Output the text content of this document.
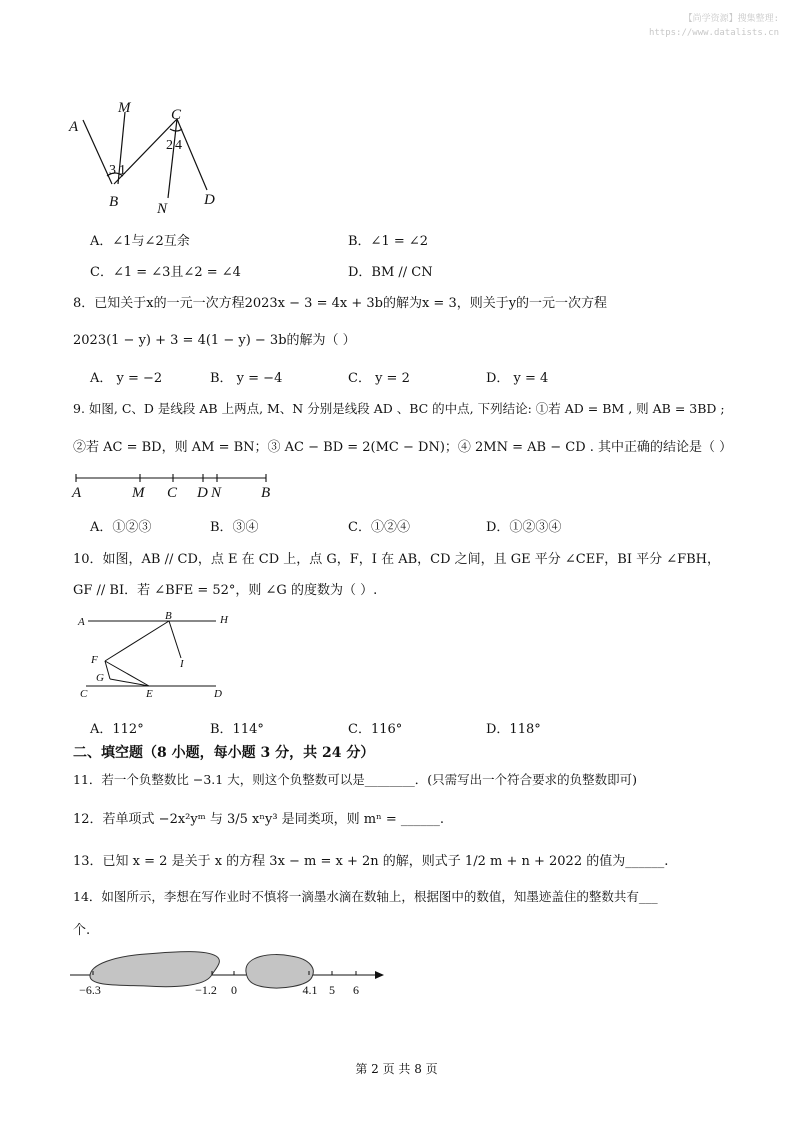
【尚学资源】搜集整理:
https://www.datalists.cn
A
M	C
B	N
D
2 4
3 1
A．∠1与∠2互余	B．∠1 = ∠2
C．∠1 = ∠3且∠2 = ∠4	D．BM // CN
8．已知关于x的一元一次方程2023x − 3 = 4x + 3b的解为x = 3，则关于y的一元一次方程
2023(1 − y) + 3 = 4(1 − y) − 3b的解为（ ）
A． y = −2	B． y = −4	C． y = 2	D． y = 4
9. 如图, C、D 是线段 AB 上两点, M、N 分别是线段 AD 、BC 的中点, 下列结论: ①若 AD = BM , 则 AB = 3BD ;
②若 AC = BD，则 AM = BN；③ AC − BD = 2(MC − DN)；④ 2MN = AB − CD . 其中正确的结论是（ ）
A	M C D N	B
A．①②③	B．③④	C．①②④	D．①②③④
10．如图，AB // CD，点 E 在 CD 上，点 G，F，I 在 AB，CD 之间，且 GE 平分 ∠CEF，BI 平分 ∠FBH，
GF // BI．若 ∠BFE = 52°，则 ∠G 的度数为（ ）.
A	B	H
I
F
G
C	E	D
A．112°	B．114°	C．116°	D．118°
二、填空题（8 小题，每小题 3 分，共 24 分）
11．若一个负整数比 −3.1 大，则这个负整数可以是________．(只需写出一个符合要求的负整数即可)
12．若单项式 −2x²yᵐ 与 3/5 xⁿy³ 是同类项，则 mⁿ = ______.
13．已知 x = 2 是关于 x 的方程 3x − m = x + 2n 的解，则式子 1/2 m + n + 2022 的值为______.
14．如图所示，李想在写作业时不慎将一滴墨水滴在数轴上，根据图中的数值，知墨迹盖住的整数共有___
个.
−6.3	−1.2 0	4.1 5 6
第 2 页 共 8 页
